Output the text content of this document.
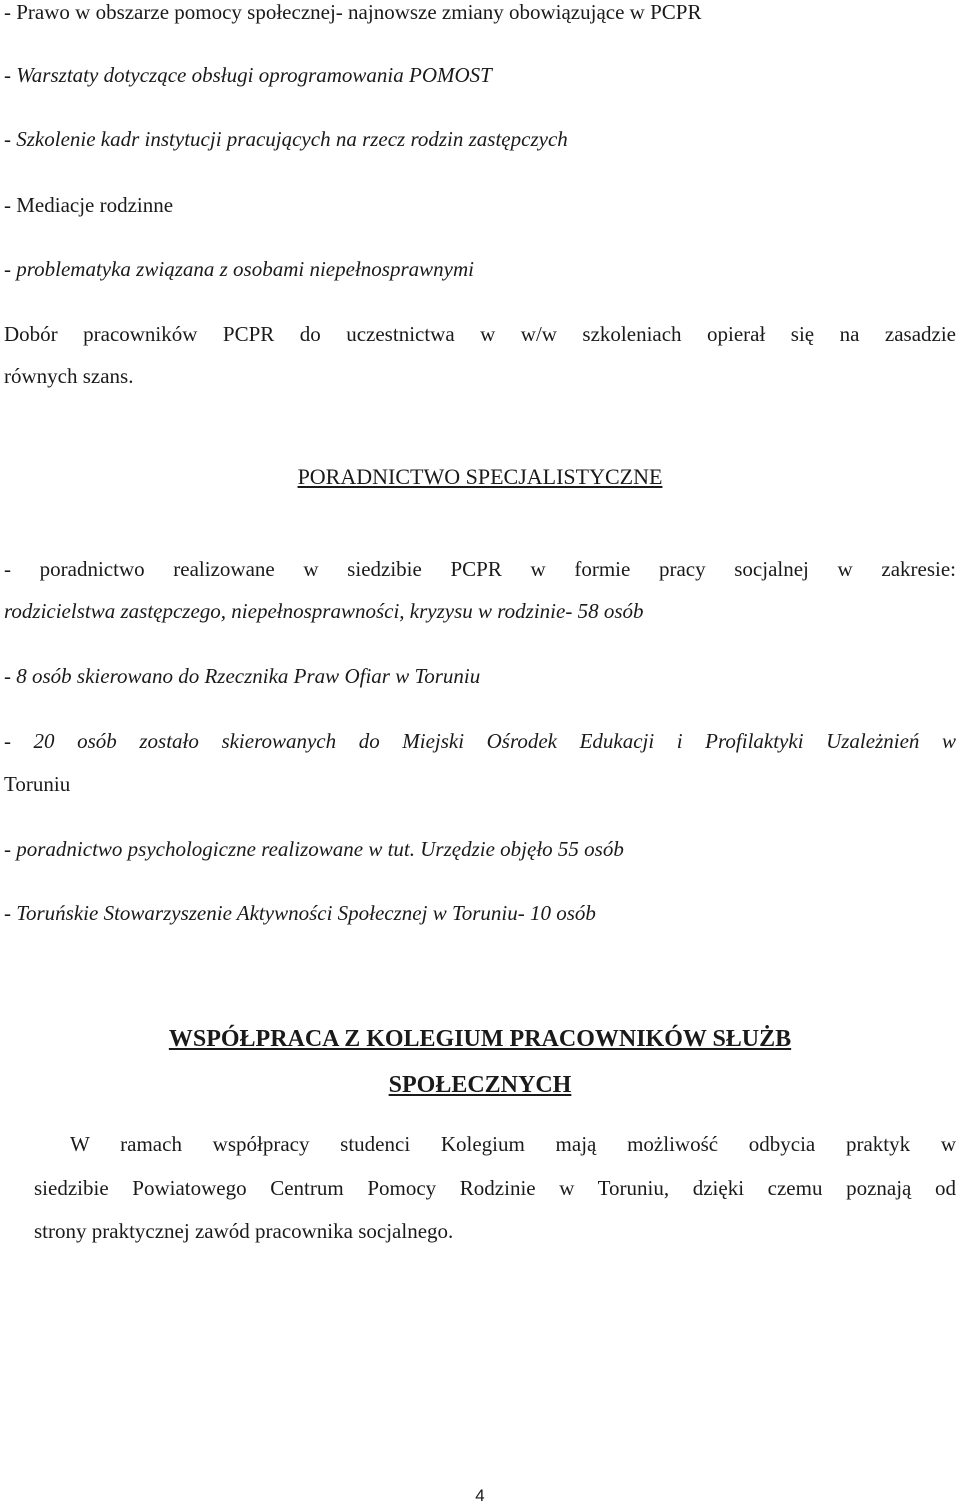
- Prawo w obszarze pomocy społecznej- najnowsze zmiany obowiązujące w PCPR
- Warsztaty dotyczące obsługi oprogramowania POMOST
- Szkolenie kadr instytucji pracujących na rzecz rodzin zastępczych
- Mediacje rodzinne
- problematyka związana z osobami niepełnosprawnymi
Dobór pracowników PCPR do uczestnictwa w w/w szkoleniach opierał się na zasadzie
równych szans.
PORADNICTWO SPECJALISTYCZNE
- poradnictwo realizowane w siedzibie PCPR w formie pracy socjalnej w zakresie:
rodzicielstwa zastępczego, niepełnosprawności, kryzysu w rodzinie- 58 osób
- 8 osób skierowano do Rzecznika Praw Ofiar w Toruniu
- 20 osób zostało skierowanych do Miejski Ośrodek Edukacji i Profilaktyki Uzależnień w
Toruniu
- poradnictwo psychologiczne realizowane w tut. Urzędzie objęło 55 osób
- Toruńskie Stowarzyszenie Aktywności Społecznej w Toruniu- 10 osób
WSPÓŁPRACA Z KOLEGIUM PRACOWNIKÓW SŁUŻB
SPOŁECZNYCH
W ramach współpracy studenci Kolegium mają możliwość odbycia praktyk w
siedzibie Powiatowego Centrum Pomocy Rodzinie w Toruniu, dzięki czemu poznają od
strony praktycznej zawód pracownika socjalnego.
4
